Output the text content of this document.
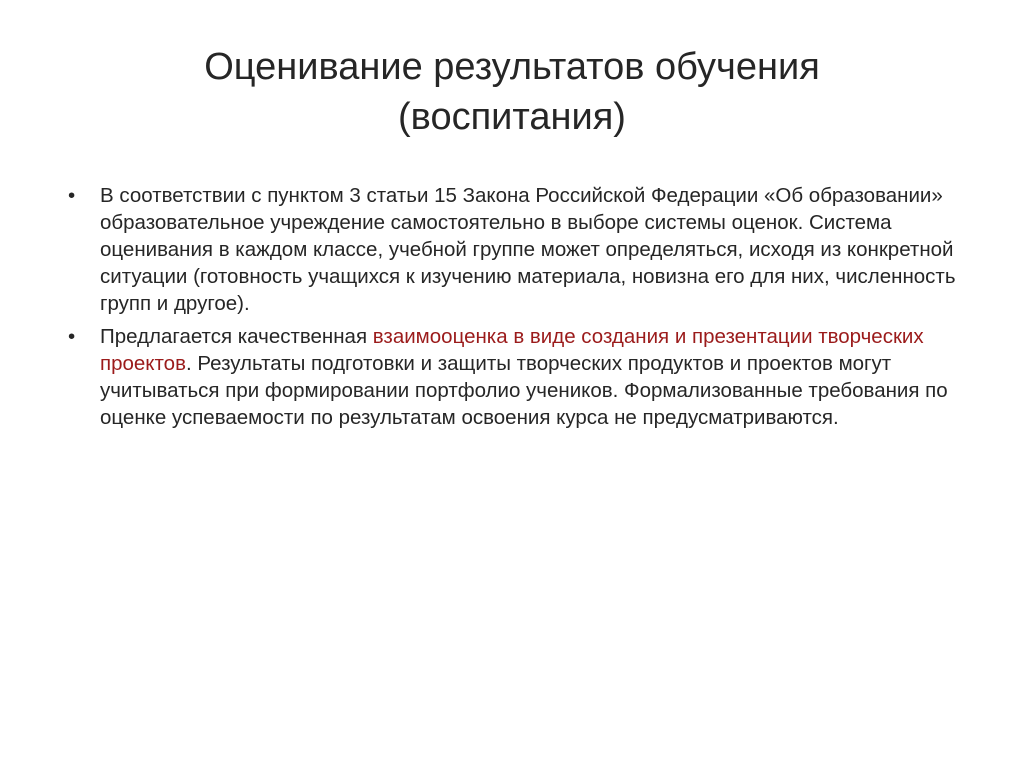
Оценивание результатов обучения
(воспитания)
•	В соответствии с пунктом 3 статьи 15 Закона Российской Федерации «Об образовании» образовательное учреждение самостоятельно в выборе системы оценок. Система оценивания в каждом классе, учебной группе может определяться, исходя из конкретной ситуации (готовность учащихся к изучению материала, новизна его для них, численность групп и другое).
•	Предлагается качественная взаимооценка в виде создания и презентации творческих проектов. Результаты подготовки и защиты творческих продуктов и проектов могут учитываться при формировании портфолио учеников. Формализованные требования по оценке успеваемости по результатам освоения курса не предусматриваются.
